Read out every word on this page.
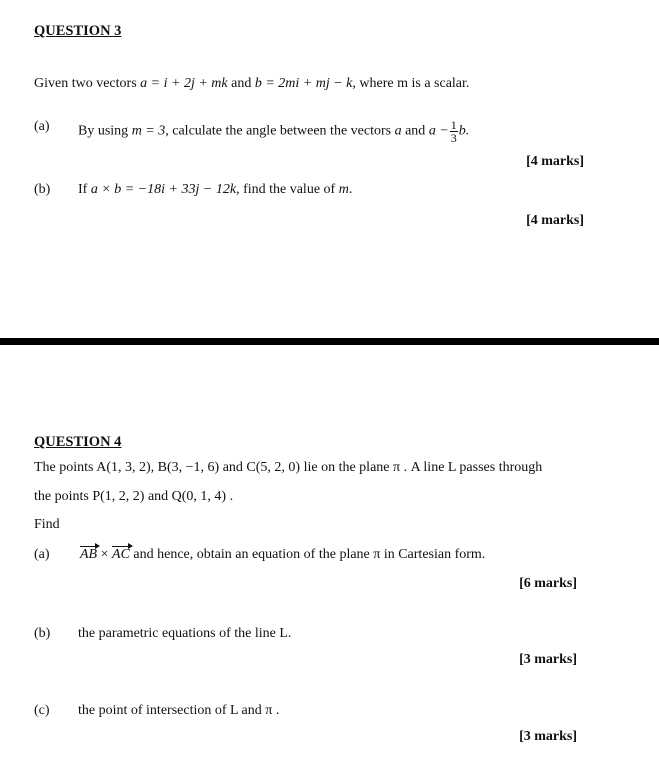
QUESTION 3
Given two vectors a = i + 2j + mk and b = 2mi + mj − k, where m is a scalar.
(a) By using m = 3, calculate the angle between the vectors a and $a - \frac{1}{3} b$.
[4 marks]
(b) If a × b = −18i + 33j − 12k, find the value of m.
[4 marks]
QUESTION 4
The points A(1, 3, 2), B(3, −1, 6) and C(5, 2, 0) lie on the plane π . A line L passes through
the points P(1, 2, 2) and Q(0, 1, 4) .
Find
(a) AB × AC and hence, obtain an equation of the plane π in Cartesian form.
[6 marks]
(b) the parametric equations of the line L.
[3 marks]
(c) the point of intersection of L and π .
[3 marks]
